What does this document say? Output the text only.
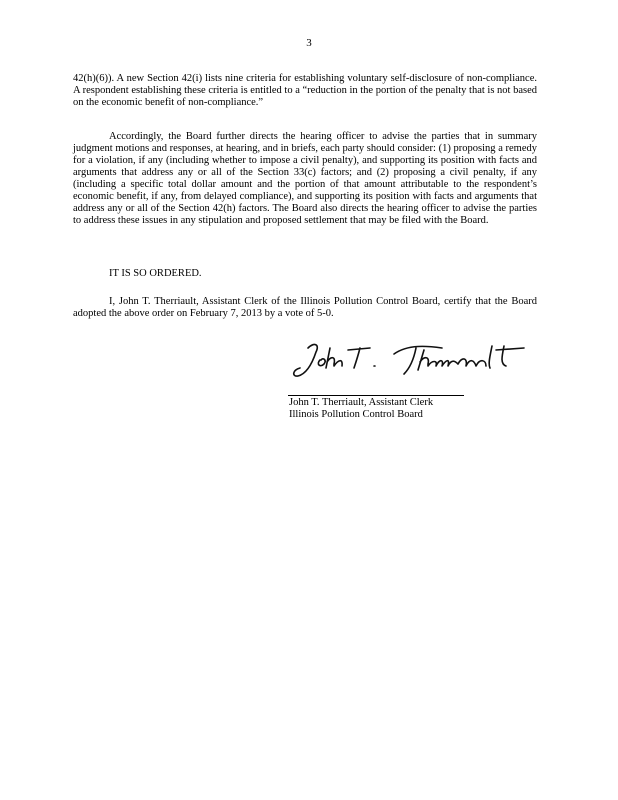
3

42(h)(6)). A new Section 42(i) lists nine criteria for establishing voluntary self-disclosure of non-compliance. A respondent establishing these criteria is entitled to a “reduction in the portion of the penalty that is not based on the economic benefit of non-compliance.”

Accordingly, the Board further directs the hearing officer to advise the parties that in summary judgment motions and responses, at hearing, and in briefs, each party should consider: (1) proposing a remedy for a violation, if any (including whether to impose a civil penalty), and supporting its position with facts and arguments that address any or all of the Section 33(c) factors; and (2) proposing a civil penalty, if any (including a specific total dollar amount and the portion of that amount attributable to the respondent’s economic benefit, if any, from delayed compliance), and supporting its position with facts and arguments that address any or all of the Section 42(h) factors. The Board also directs the hearing officer to advise the parties to address these issues in any stipulation and proposed settlement that may be filed with the Board.

IT IS SO ORDERED.

I, John T. Therriault, Assistant Clerk of the Illinois Pollution Control Board, certify that the Board adopted the above order on February 7, 2013 by a vote of 5-0.

John T. Therriault, Assistant Clerk
Illinois Pollution Control Board
